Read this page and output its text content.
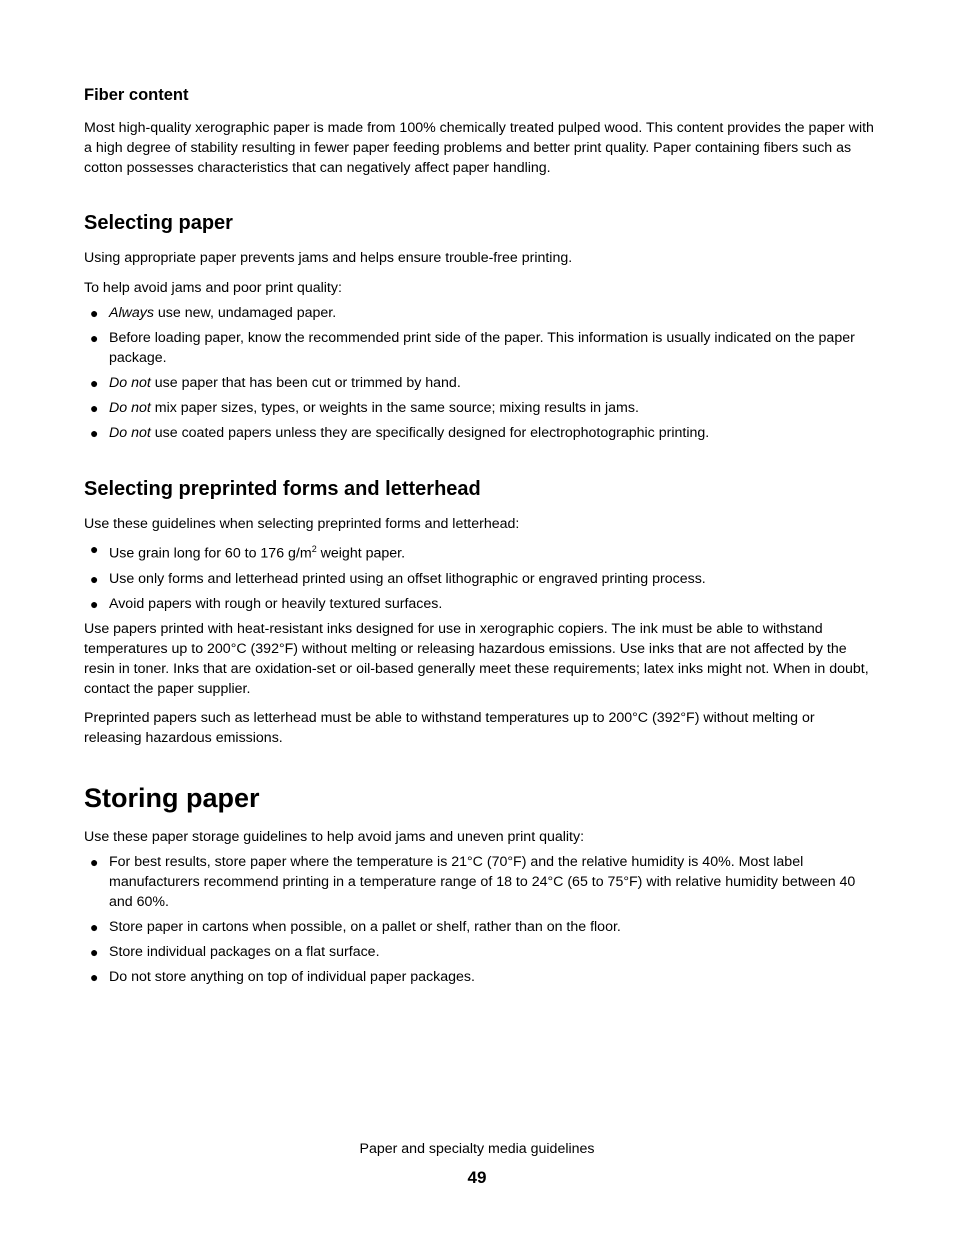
Fiber content

Most high-quality xerographic paper is made from 100% chemically treated pulped wood. This content provides the paper with a high degree of stability resulting in fewer paper feeding problems and better print quality. Paper containing fibers such as cotton possesses characteristics that can negatively affect paper handling.

Selecting paper

Using appropriate paper prevents jams and helps ensure trouble-free printing.

To help avoid jams and poor print quality:

● Always use new, undamaged paper.
● Before loading paper, know the recommended print side of the paper. This information is usually indicated on the paper package.
● Do not use paper that has been cut or trimmed by hand.
● Do not mix paper sizes, types, or weights in the same source; mixing results in jams.
● Do not use coated papers unless they are specifically designed for electrophotographic printing.
Selecting preprinted forms and letterhead

Use these guidelines when selecting preprinted forms and letterhead:

● Use grain long for 60 to 176 $g/m^2$ weight paper.
● Use only forms and letterhead printed using an offset lithographic or engraved printing process.
● Avoid papers with rough or heavily textured surfaces.

Use papers printed with heat-resistant inks designed for use in xerographic copiers. The ink must be able to withstand temperatures up to 200°C (392°F) without melting or releasing hazardous emissions. Use inks that are not affected by the resin in toner. Inks that are oxidation-set or oil-based generally meet these requirements; latex inks might not. When in doubt, contact the paper supplier.

Preprinted papers such as letterhead must be able to withstand temperatures up to 200°C (392°F) without melting or releasing hazardous emissions.

Storing paper

Use these paper storage guidelines to help avoid jams and uneven print quality:

● For best results, store paper where the temperature is 21°C (70°F) and the relative humidity is 40%. Most label manufacturers recommend printing in a temperature range of 18 to 24°C (65 to 75°F) with relative humidity between 40 and 60%.
● Store paper in cartons when possible, on a pallet or shelf, rather than on the floor.
● Store individual packages on a flat surface.
● Do not store anything on top of individual paper packages.
Paper and specialty media guidelines
49
